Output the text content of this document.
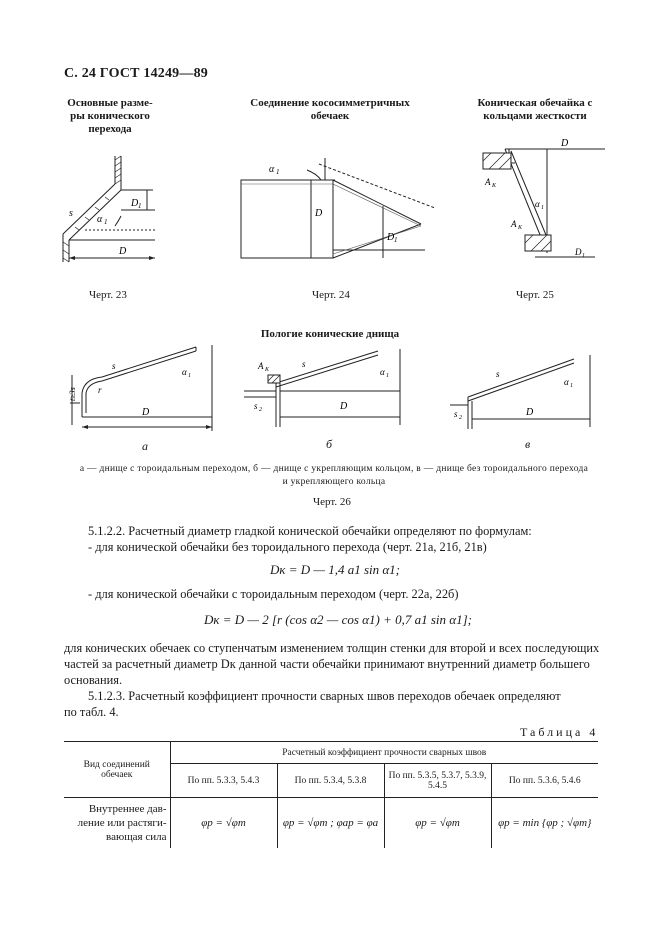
С. 24 ГОСТ 14249—89
Основные разме-
ры конического
перехода
s
α 1
D 1
D
Черт. 23
Соединение кососимметричных
обечаек
α 1
D
D 1
Черт. 24
Коническая обечайка с
кольцами жесткости
D
A K
A K
α 1
D 1
Черт. 25
Пологие конические днища
t≥3s
s
r
D
α 1
а
A K
s 2
s
D
α 1
б
s 2
s
D
α 1
в
а — днище с тороидальным переходом, б — днище с укрепляющим кольцом, в — днище без тороидального перехода
и укрепляющего кольца
Черт. 26
5.1.2.2. Расчетный диаметр гладкой конической обечайки определяют по формулам:
- для конической обечайки без тороидального перехода (черт. 21а, 21б, 21в)
Dк = D — 1,4 a1 sin α1;
- для конической обечайки с тороидальным переходом (черт. 22а, 22б)
Dк = D — 2 [r (cos α2 — cos α1) + 0,7 a1 sin α1];
для конических обечаек со ступенчатым изменением толщин стенки для второй и всех последующих
частей за расчетный диаметр Dк данной части обечайки принимают внутренний диаметр большего
основания.
5.1.2.3. Расчетный коэффициент прочности сварных швов переходов обечаек определяют
по табл. 4.
Таблица 4
Вид соединений обечаек	Расчетный коэффициент прочности сварных швов			
	По пп. 5.3.3, 5.4.3	По пп. 5.3.4, 5.3.8	По пп. 5.3.5, 5.3.7, 5.3.9, 5.4.5	По пп. 5.3.6, 5.4.6

Внутреннее дав-
ление или растяги-
вающая сила	φр = √φт	φр = √φт ; φар = φа	φр = √φт	φр = min {φр ; √φт}
